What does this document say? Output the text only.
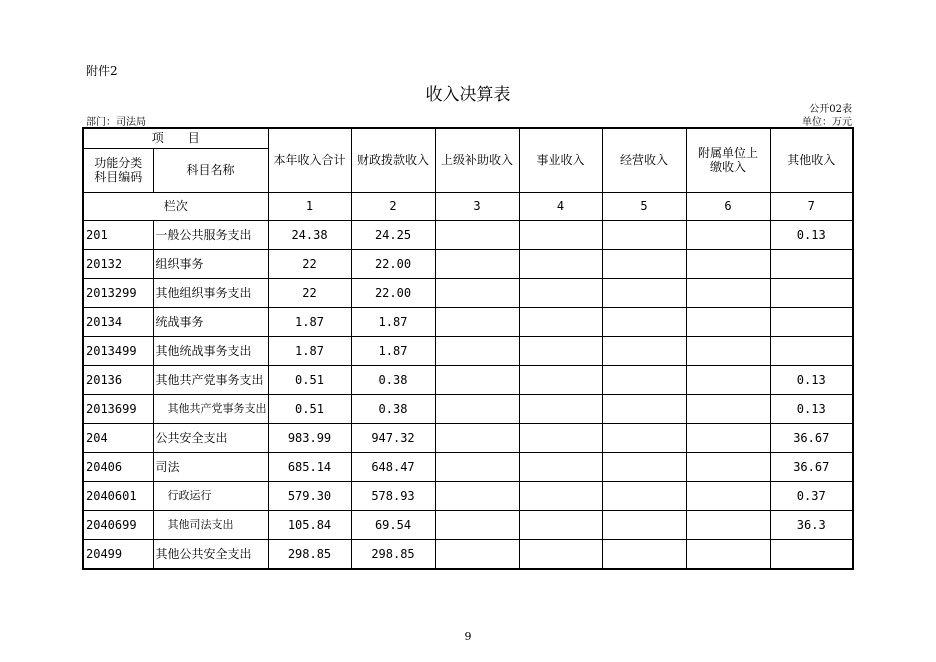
附件2
收入决算表
公开02表
部门：司法局	单位：万元
项　　目		本年收入合计	财政拨款收入	上级补助收入	事业收入	经营收入	附属单位上缴收入	其他收入
功能分类科目编码	科目名称							
栏次		1	2	3	4	5	6	7
201	一般公共服务支出	24.38	24.25					0.13
20132	组织事务	22	22.00					
2013299	其他组织事务支出	22	22.00					
20134	统战事务	1.87	1.87					
2013499	其他统战事务支出	1.87	1.87					
20136	其他共产党事务支出	0.51	0.38					0.13
2013699	其他共产党事务支出	0.51	0.38					0.13
204	公共安全支出	983.99	947.32					36.67
20406	司法	685.14	648.47					36.67
2040601	行政运行	579.30	578.93					0.37
2040699	其他司法支出	105.84	69.54					36.3
20499	其他公共安全支出	298.85	298.85					
9
